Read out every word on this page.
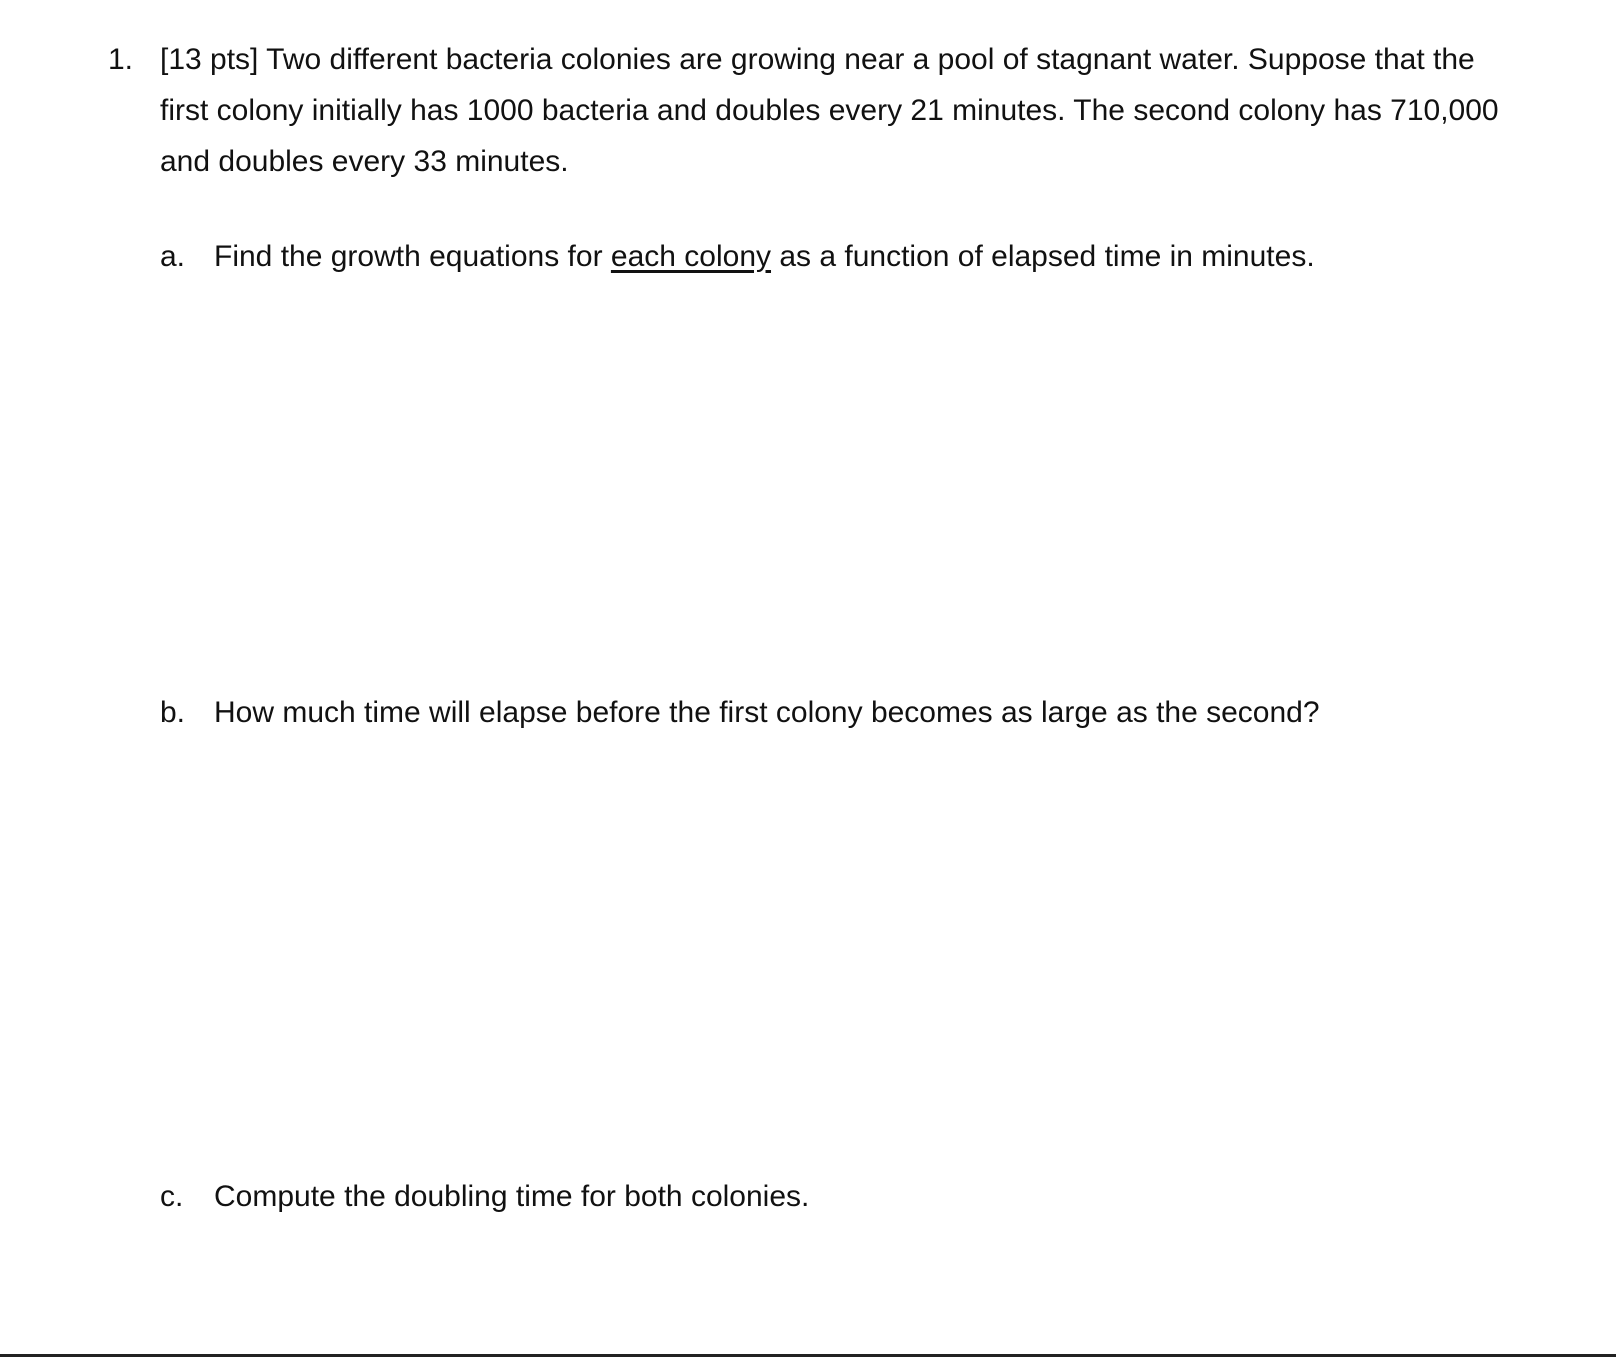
1. [13 pts] Two different bacteria colonies are growing near a pool of stagnant water. Suppose that the first colony initially has 1000 bacteria and doubles every 21 minutes. The second colony has 710,000 and doubles every 33 minutes.
a. Find the growth equations for each colony as a function of elapsed time in minutes.
b. How much time will elapse before the first colony becomes as large as the second?
c. Compute the doubling time for both colonies.
